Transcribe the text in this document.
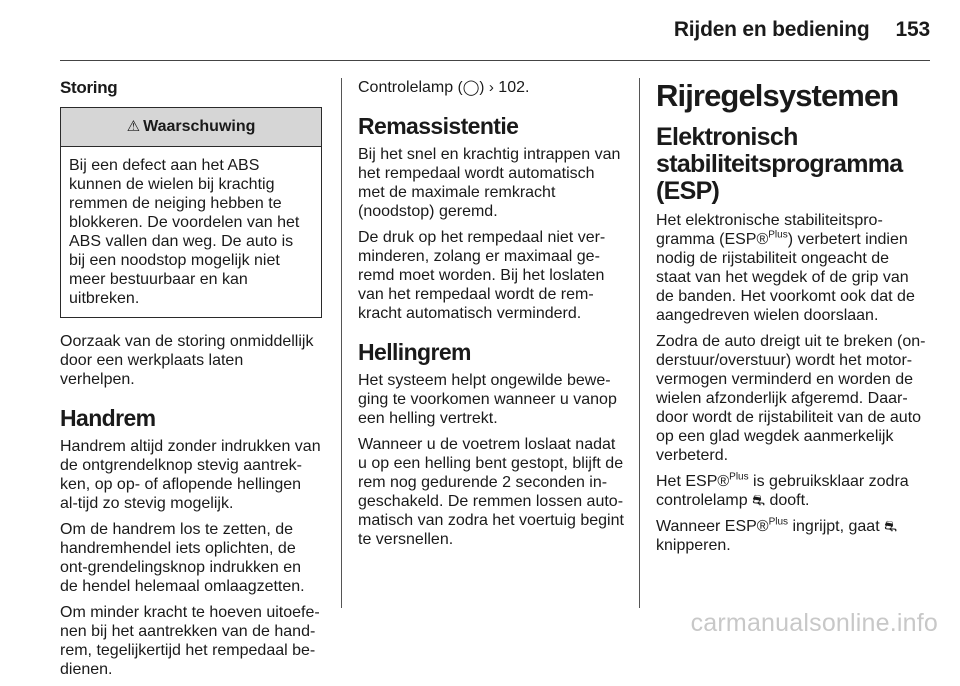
Rijden en bediening 153
Storing
⚠ Waarschuwing
Bij een defect aan het ABS kunnen de wielen bij krachtig remmen de neiging hebben te blokkeren. De voordelen van het ABS vallen dan weg. De auto is bij een noodstop mogelijk niet meer bestuurbaar en kan uitbreken.

Oorzaak van de storing onmiddellijk door een werkplaats laten verhelpen.

Handrem

Handrem altijd zonder indrukken van de ontgrendelknop stevig aantrek-ken, op op- of aflopende hellingen al-tijd zo stevig mogelijk.

Om de handrem los te zetten, de handremhendel iets oplichten, de ont-grendelingsknop indrukken en de hendel helemaal omlaagzetten.

Om minder kracht te hoeven uitoefe-nen bij het aantrekken van de hand-rem, tegelijkertijd het rempedaal be-dienen.

Controlelamp (◯) › 102.

Remassistentie

Bij het snel en krachtig intrappen van het rempedaal wordt automatisch met de maximale remkracht (noodstop) geremd.

De druk op het rempedaal niet ver-minderen, zolang er maximaal ge-remd moet worden. Bij het loslaten van het rempedaal wordt de rem-kracht automatisch verminderd.

Hellingrem

Het systeem helpt ongewilde bewe-ging te voorkomen wanneer u vanop een helling vertrekt.

Wanneer u de voetrem loslaat nadat u op een helling bent gestopt, blijft de rem nog gedurende 2 seconden in-geschakeld. De remmen lossen auto-matisch van zodra het voertuig begint te versnellen.

Rijregelsystemen
Elektronisch stabiliteitsprogramma (ESP)

Het elektronische stabiliteitspro-gramma (ESP®$^{Plus}$) verbetert indien nodig de rijstabiliteit ongeacht de staat van het wegdek of de grip van de banden. Het voorkomt ook dat de aangedreven wielen doorslaan.

Zodra de auto dreigt uit te breken (on-derstuur/overstuur) wordt het motor-vermogen verminderd en worden de wielen afzonderlijk afgeremd. Daar-door wordt de rijstabiliteit van de auto op een glad wegdek aanmerkelijk verbeterd.

Het ESP®$^{Plus}$ is gebruiksklaar zodra controlelamp ⛐ dooft.

Wanneer ESP®$^{Plus}$ ingrijpt, gaat ⛐
knipperen.

carmanualsonline.info
